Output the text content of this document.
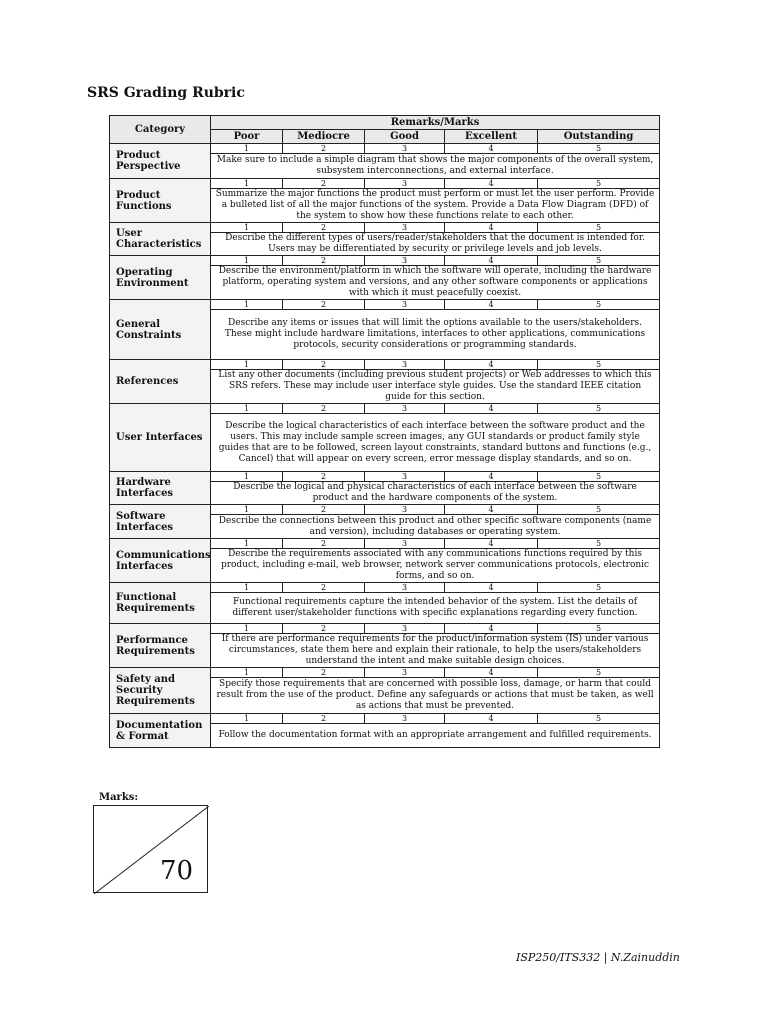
SRS Grading Rubric
Category	Remarks/Marks				
	Poor	Mediocre	Good	Excellent	Outstanding
Product Perspective	1	2	3	4	5
	Make sure to include a simple diagram that shows the major components of the overall system, subsystem interconnections, and external interface.				
Product Functions	1	2	3	4	5
	Summarize the major functions the product must perform or must let the user perform. Provide a bulleted list of all the major functions of the system. Provide a Data Flow Diagram (DFD) of the system to show how these functions relate to each other.				
User Characteristics	1	2	3	4	5
	Describe the different types of users/reader/stakeholders that the document is intended for. Users may be differentiated by security or privilege levels and job levels.				
Operating Environment	1	2	3	4	5
	Describe the environment/platform in which the software will operate, including the hardware platform, operating system and versions, and any other software components or applications with which it must peacefully coexist.				
General Constraints	1	2	3	4	5
	Describe any items or issues that will limit the options available to the users/stakeholders. These might include hardware limitations, interfaces to other applications, communications protocols, security considerations or programming standards.				
References	1	2	3	4	5
	List any other documents (including previous student projects) or Web addresses to which this SRS refers. These may include user interface style guides. Use the standard IEEE citation guide for this section.				
User Interfaces	1	2	3	4	5
	Describe the logical characteristics of each interface between the software product and the users. This may include sample screen images, any GUI standards or product family style guides that are to be followed, screen layout constraints, standard buttons and functions (e.g., Cancel) that will appear on every screen, error message display standards, and so on.				
Hardware Interfaces	1	2	3	4	5
	Describe the logical and physical characteristics of each interface between the software product and the hardware components of the system.				
Software Interfaces	1	2	3	4	5
	Describe the connections between this product and other specific software components (name and version), including databases or operating system.				
Communications Interfaces	1	2	3	4	5
	Describe the requirements associated with any communications functions required by this product, including e-mail, web browser, network server communications protocols, electronic forms, and so on.				
Functional Requirements	1	2	3	4	5
	Functional requirements capture the intended behavior of the system. List the details of different user/stakeholder functions with specific explanations regarding every function.				
Performance Requirements	1	2	3	4	5
	If there are performance requirements for the product/information system (IS) under various circumstances, state them here and explain their rationale, to help the users/stakeholders understand the intent and make suitable design choices.				
Safety and Security Requirements	1	2	3	4	5
	Specify those requirements that are concerned with possible loss, damage, or harm that could result from the use of the product. Define any safeguards or actions that must be taken, as well as actions that must be prevented.				
Documentation & Format	1	2	3	4	5
	Follow the documentation format with an appropriate arrangement and fulfilled requirements.				
Marks:
70
ISP250/ITS332 | N.Zainuddin
